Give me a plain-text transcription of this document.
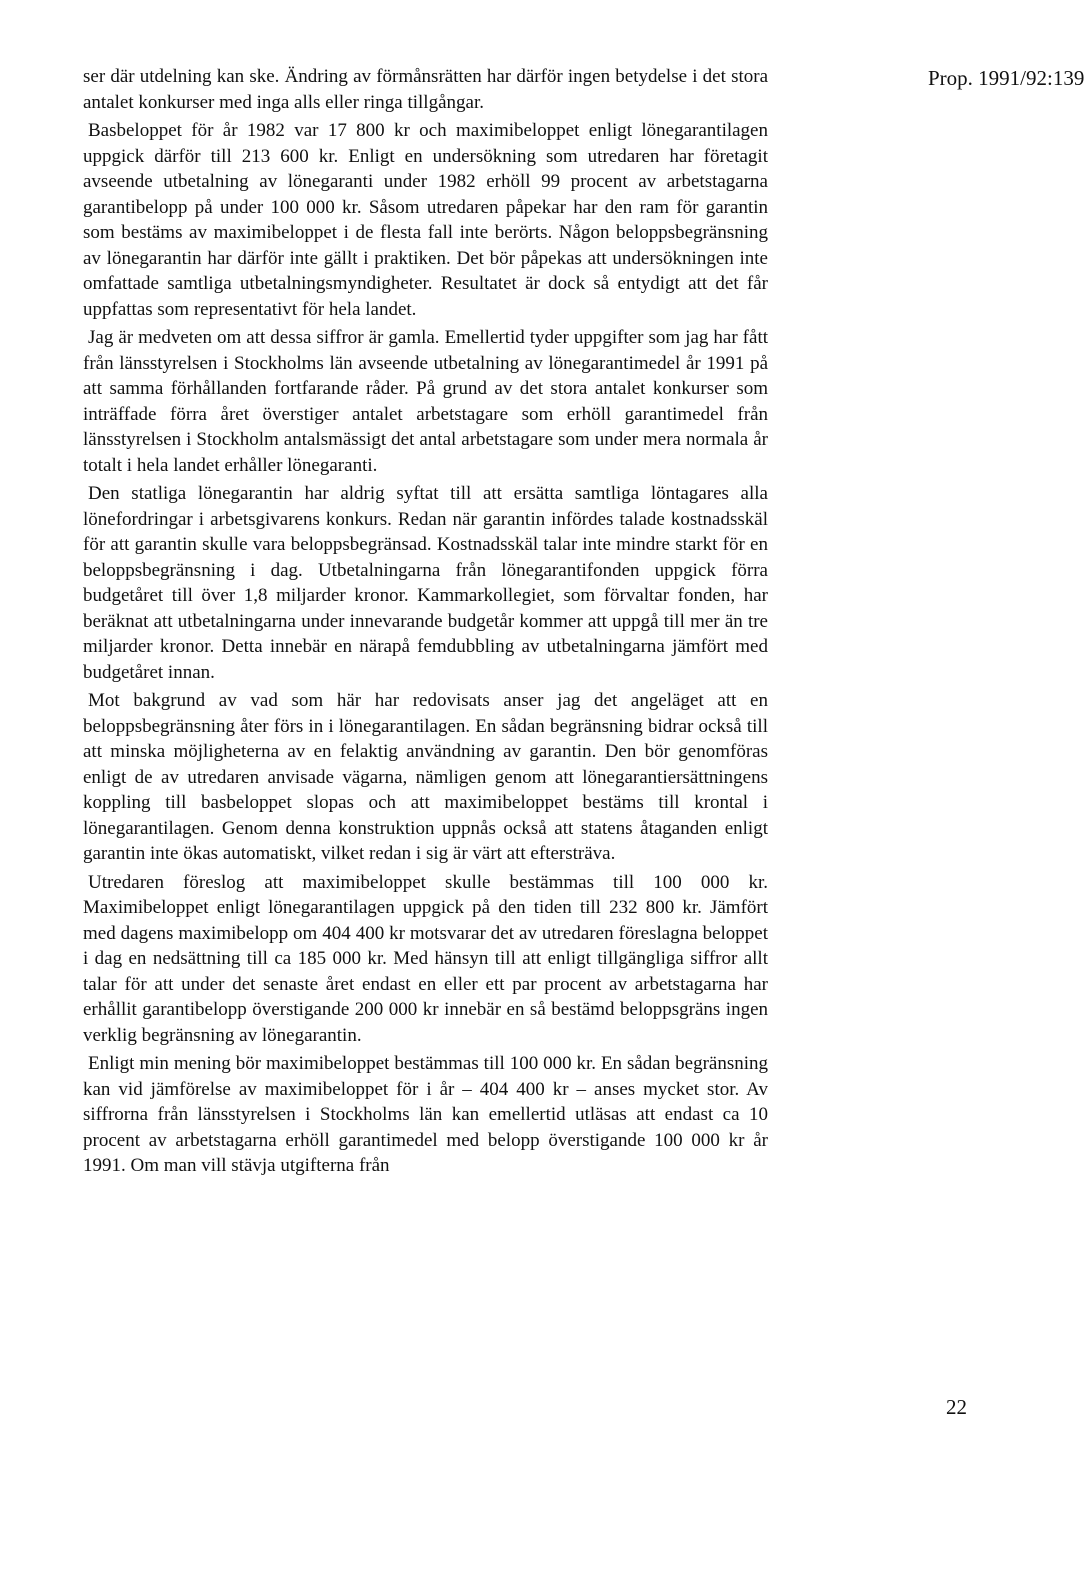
Prop. 1991/92:139

ser där utdelning kan ske. Ändring av förmånsrätten har därför ingen betydelse i det stora antalet konkurser med inga alls eller ringa tillgångar.

Basbeloppet för år 1982 var 17 800 kr och maximibeloppet enligt lönegarantilagen uppgick därför till 213 600 kr. Enligt en undersökning som utredaren har företagit avseende utbetalning av lönegaranti under 1982 erhöll 99 procent av arbetstagarna garantibelopp på under 100 000 kr. Såsom utredaren påpekar har den ram för garantin som bestäms av maximibeloppet i de flesta fall inte berörts. Någon beloppsbegränsning av lönegarantin har därför inte gällt i praktiken. Det bör påpekas att undersökningen inte omfattade samtliga utbetalningsmyndigheter. Resultatet är dock så entydigt att det får uppfattas som representativt för hela landet.

Jag är medveten om att dessa siffror är gamla. Emellertid tyder uppgifter som jag har fått från länsstyrelsen i Stockholms län avseende utbetalning av lönegarantimedel år 1991 på att samma förhållanden fortfarande råder. På grund av det stora antalet konkurser som inträffade förra året överstiger antalet arbetstagare som erhöll garantimedel från länsstyrelsen i Stockholm antalsmässigt det antal arbetstagare som under mera normala år totalt i hela landet erhåller lönegaranti.

Den statliga lönegarantin har aldrig syftat till att ersätta samtliga löntagares alla lönefordringar i arbetsgivarens konkurs. Redan när garantin infördes talade kostnadsskäl för att garantin skulle vara beloppsbegränsad. Kostnadsskäl talar inte mindre starkt för en beloppsbegränsning i dag. Utbetalningarna från lönegarantifonden uppgick förra budgetåret till över 1,8 miljarder kronor. Kammarkollegiet, som förvaltar fonden, har beräknat att utbetalningarna under innevarande budgetår kommer att uppgå till mer än tre miljarder kronor. Detta innebär en närapå femdubbling av utbetalningarna jämfört med budgetåret innan.

Mot bakgrund av vad som här har redovisats anser jag det angeläget att en beloppsbegränsning åter förs in i lönegarantilagen. En sådan begränsning bidrar också till att minska möjligheterna av en felaktig användning av garantin. Den bör genomföras enligt de av utredaren anvisade vägarna, nämligen genom att lönegarantiersättningens koppling till basbeloppet slopas och att maximibeloppet bestäms till krontal i lönegarantilagen. Genom denna konstruktion uppnås också att statens åtaganden enligt garantin inte ökas automatiskt, vilket redan i sig är värt att eftersträva.

Utredaren föreslog att maximibeloppet skulle bestämmas till 100 000 kr. Maximibeloppet enligt lönegarantilagen uppgick på den tiden till 232 800 kr. Jämfört med dagens maximibelopp om 404 400 kr motsvarar det av utredaren föreslagna beloppet i dag en nedsättning till ca 185 000 kr. Med hänsyn till att enligt tillgängliga siffror allt talar för att under det senaste året endast en eller ett par procent av arbetstagarna har erhållit garantibelopp överstigande 200 000 kr innebär en så bestämd beloppsgräns ingen verklig begränsning av lönegarantin.

Enligt min mening bör maximibeloppet bestämmas till 100 000 kr. En sådan begränsning kan vid jämförelse av maximibeloppet för i år – 404 400 kr – anses mycket stor. Av siffrorna från länsstyrelsen i Stockholms län kan emellertid utläsas att endast ca 10 procent av arbetstagarna erhöll garantimedel med belopp överstigande 100 000 kr år 1991. Om man vill stävja utgifterna från

22
